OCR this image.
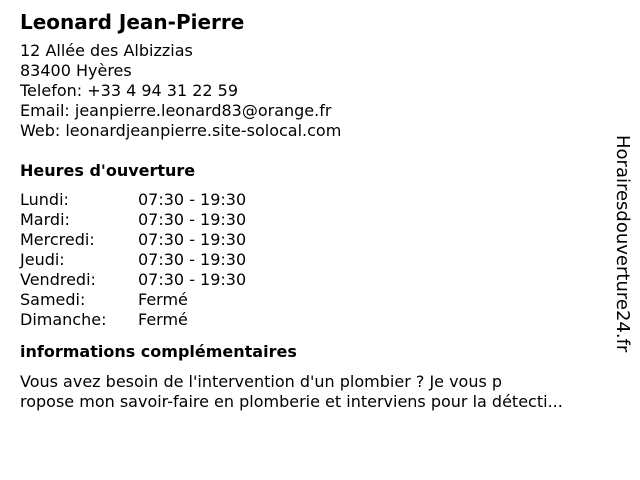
Leonard Jean-Pierre
12 Allée des Albizzias
83400 Hyères
Telefon: +33 4 94 31 22 59
Email: jeanpierre.leonard83@orange.fr
Web: leonardjeanpierre.site-solocal.com
Heures d'ouverture
Lundi:	07:30 - 19:30
Mardi:	07:30 - 19:30
Mercredi:	07:30 - 19:30
Jeudi:	07:30 - 19:30
Vendredi:	07:30 - 19:30
Samedi:	Fermé
Dimanche:	Fermé
informations complémentaires
Vous avez besoin de l'intervention d'un plombier ? Je vous p
ropose mon savoir-faire en plomberie et interviens pour la détecti...
Horairesdouverture24.fr
